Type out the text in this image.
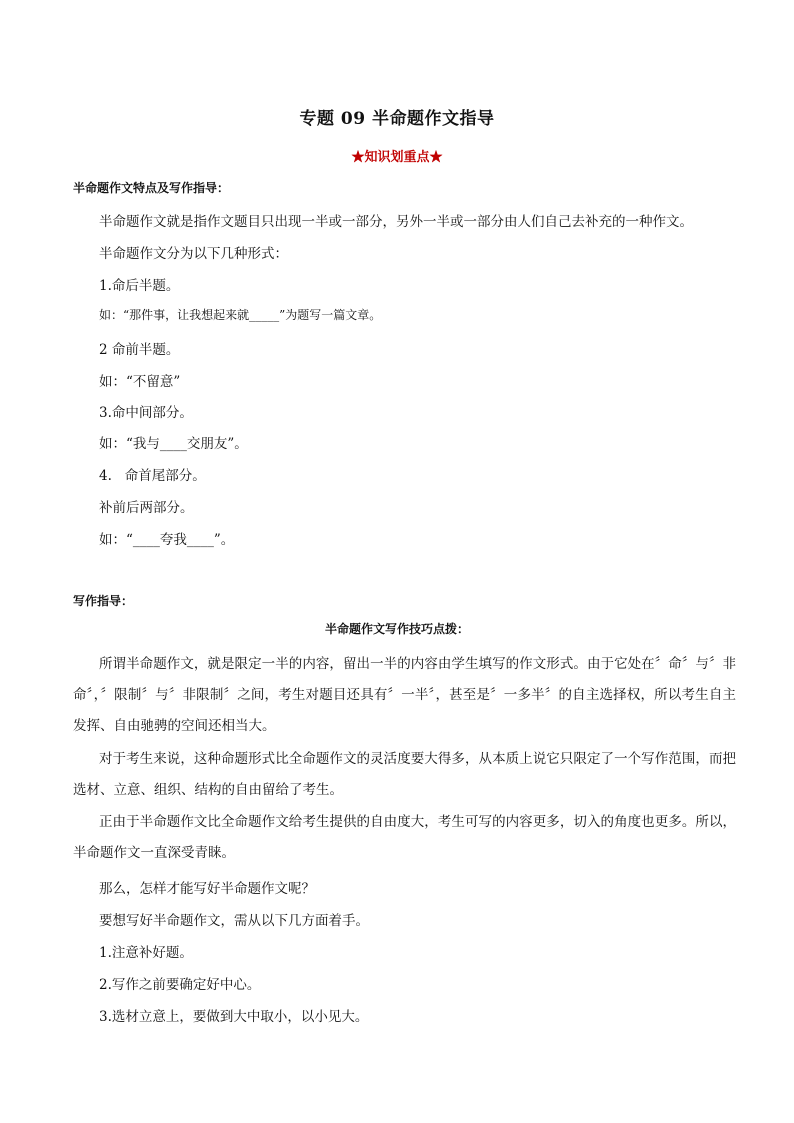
专题 09 半命题作文指导
★知识划重点★
半命题作文特点及写作指导：
半命题作文就是指作文题目只出现一半或一部分，另外一半或一部分由人们自己去补充的一种作文。
半命题作文分为以下几种形式：
1.命后半题。
如：“那件事，让我想起来就_____”为题写一篇文章。
2 命前半题。
如：“不留意”
3.命中间部分。
如：“我与____交朋友”。
4.   命首尾部分。
补前后两部分。
如：“____夸我____”。
写作指导：
半命题作文写作技巧点拨：
所谓半命题作文，就是限定一半的内容，留出一半的内容由学生填写的作文形式。由于它处在〞命〞与〞非命〞，〞限制〞与〞非限制〞之间，考生对题目还具有〞一半〞，甚至是〞一多半〞的自主选择权，所以考生自主发挥、自由驰骋的空间还相当大。
对于考生来说，这种命题形式比全命题作文的灵活度要大得多，从本质上说它只限定了一个写作范围，而把选材、立意、组织、结构的自由留给了考生。
正由于半命题作文比全命题作文给考生提供的自由度大，考生可写的内容更多，切入的角度也更多。所以，半命题作文一直深受青睐。
那么，怎样才能写好半命题作文呢？
要想写好半命题作文，需从以下几方面着手。
1.注意补好题。
2.写作之前要确定好中心。
3.选材立意上，要做到大中取小，以小见大。
